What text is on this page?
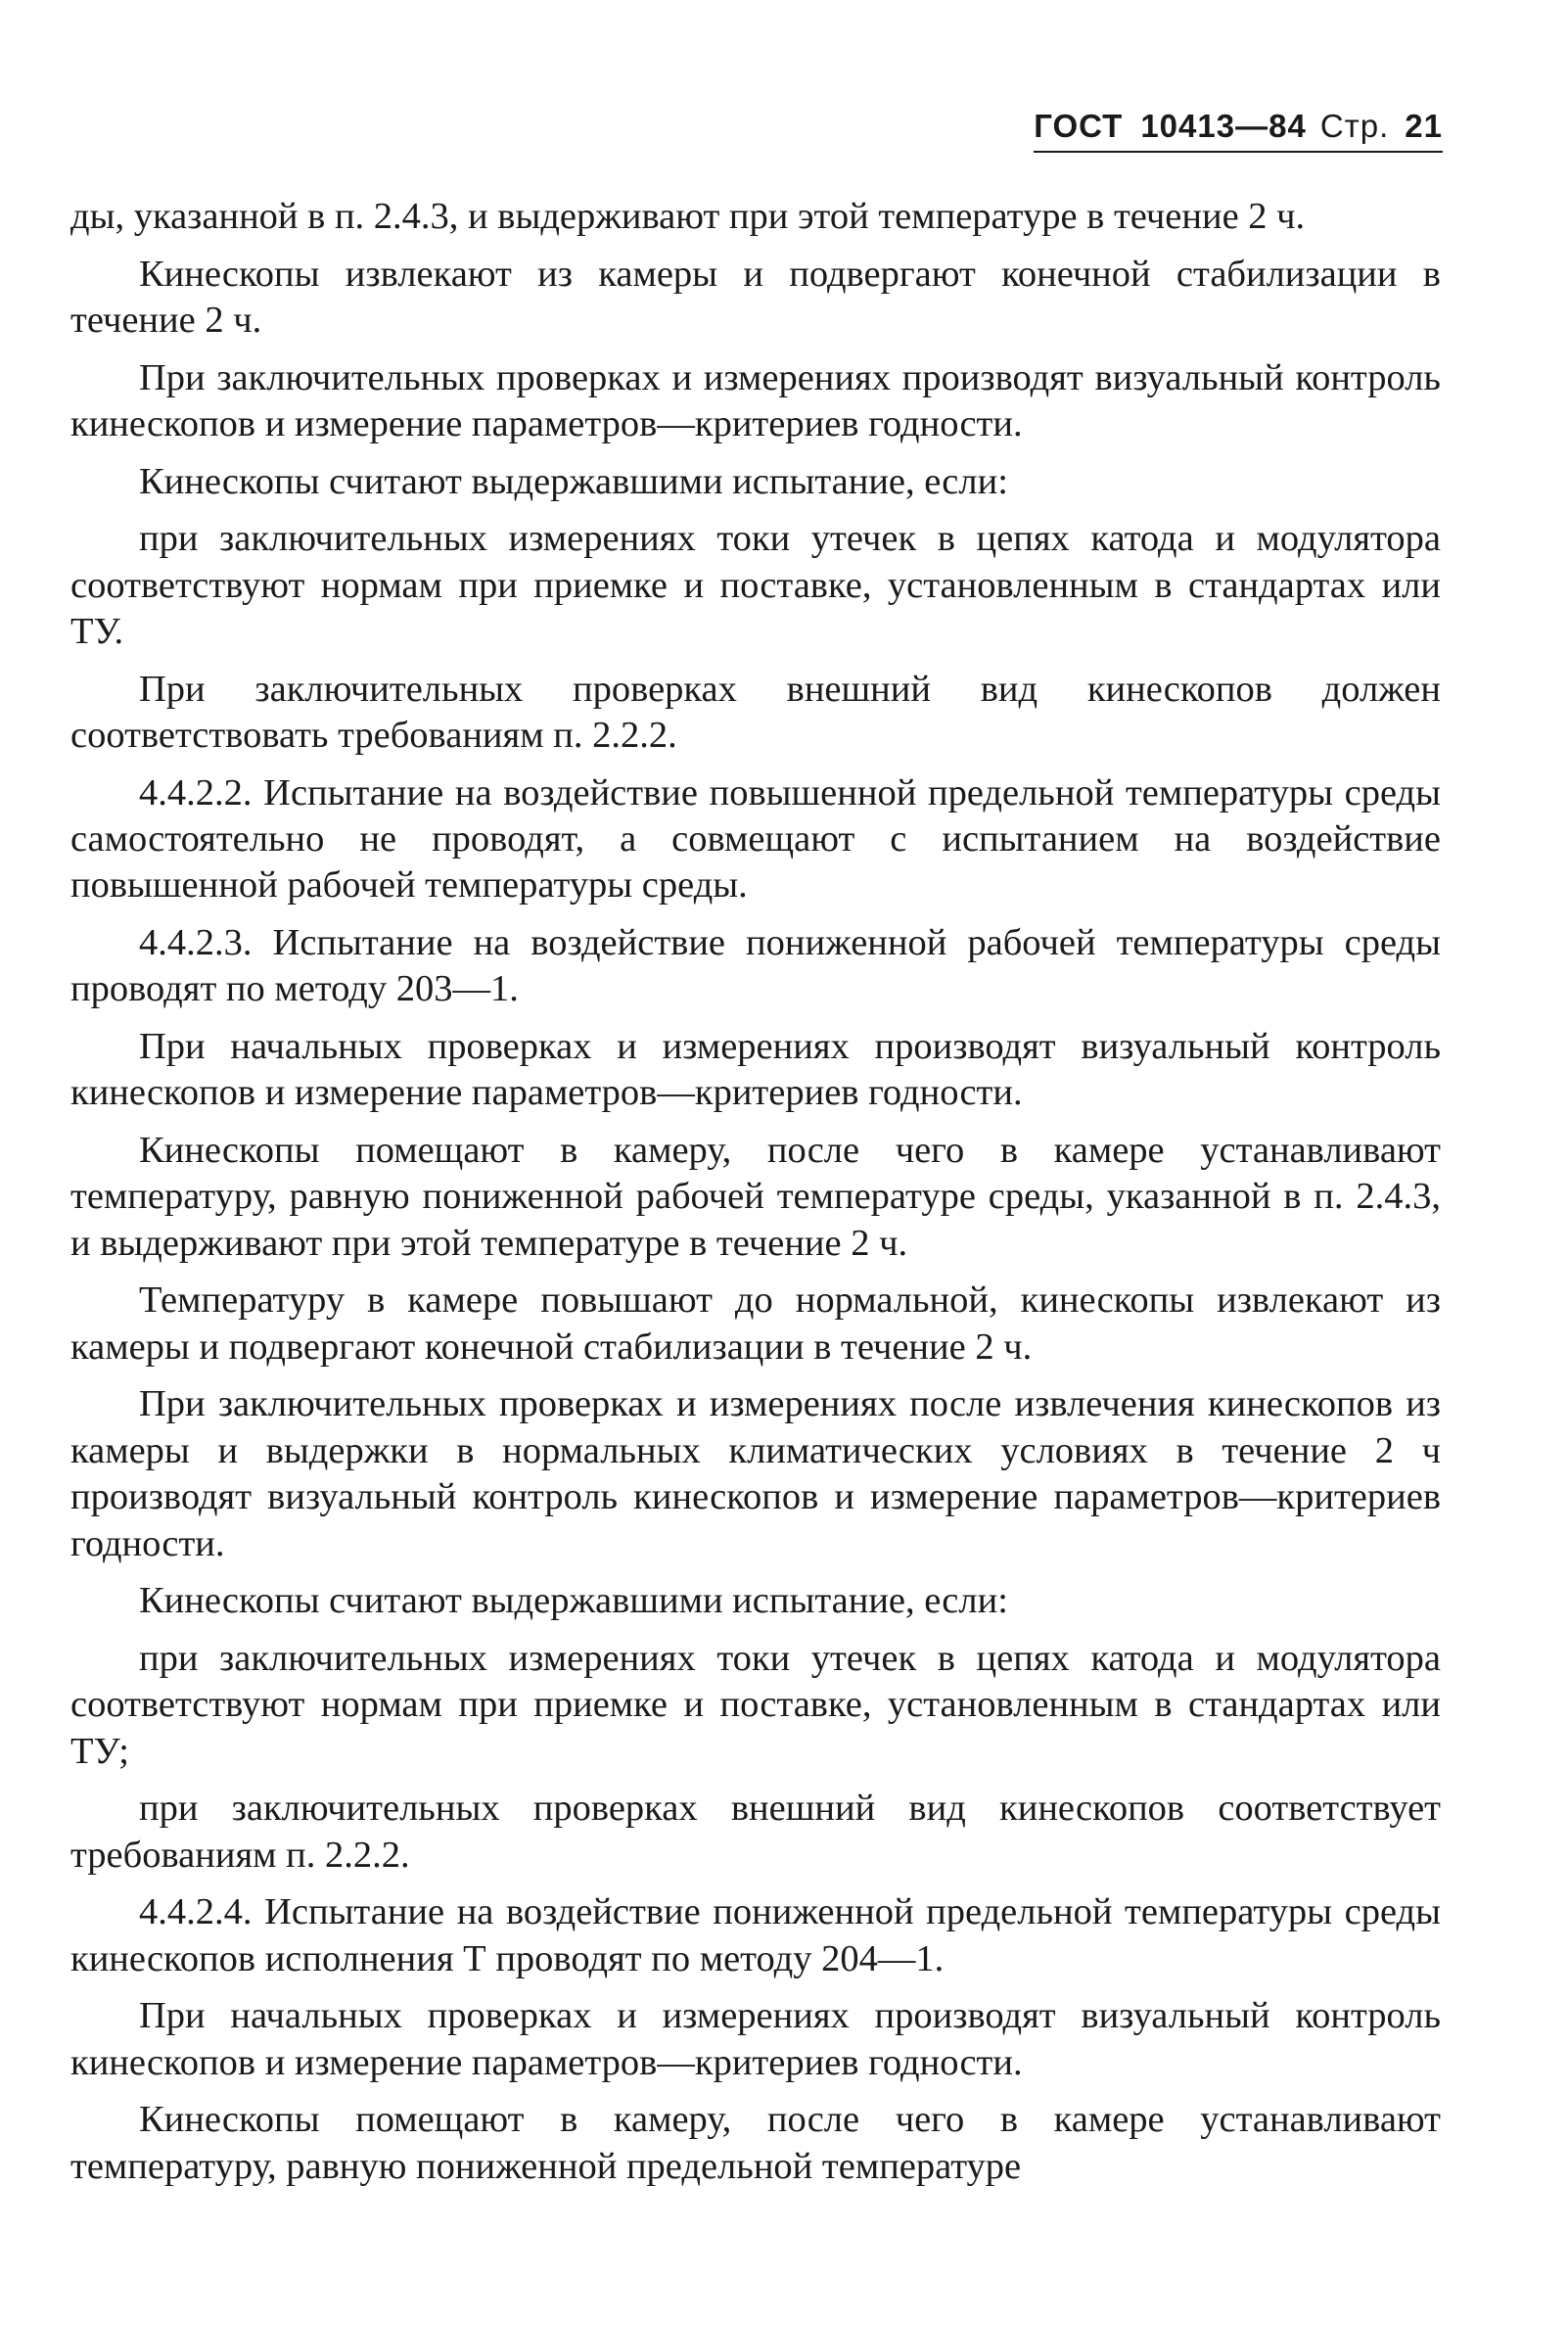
ГОСТ 10413—84 Стр. 21

ды, указанной в п. 2.4.3, и выдерживают при этой температуре в течение 2 ч.

Кинескопы извлекают из камеры и подвергают конечной стабилизации в течение 2 ч.

При заключительных проверках и измерениях производят визуальный контроль кинескопов и измерение параметров—критериев годности.

Кинескопы считают выдержавшими испытание, если:

при заключительных измерениях токи утечек в цепях катода и модулятора соответствуют нормам при приемке и поставке, установленным в стандартах или ТУ.

При заключительных проверках внешний вид кинескопов должен соответствовать требованиям п. 2.2.2.

4.4.2.2. Испытание на воздействие повышенной предельной температуры среды самостоятельно не проводят, а совмещают с испытанием на воздействие повышенной рабочей температуры среды.

4.4.2.3. Испытание на воздействие пониженной рабочей температуры среды проводят по методу 203—1.

При начальных проверках и измерениях производят визуальный контроль кинескопов и измерение параметров—критериев годности.

Кинескопы помещают в камеру, после чего в камере устанавливают температуру, равную пониженной рабочей температуре среды, указанной в п. 2.4.3, и выдерживают при этой температуре в течение 2 ч.

Температуру в камере повышают до нормальной, кинескопы извлекают из камеры и подвергают конечной стабилизации в течение 2 ч.

При заключительных проверках и измерениях после извлечения кинескопов из камеры и выдержки в нормальных климатических условиях в течение 2 ч производят визуальный контроль кинескопов и измерение параметров—критериев годности.

Кинескопы считают выдержавшими испытание, если:

при заключительных измерениях токи утечек в цепях катода и модулятора соответствуют нормам при приемке и поставке, установленным в стандартах или ТУ;

при заключительных проверках внешний вид кинескопов соответствует требованиям п. 2.2.2.

4.4.2.4. Испытание на воздействие пониженной предельной температуры среды кинескопов исполнения Т проводят по методу 204—1.

При начальных проверках и измерениях производят визуальный контроль кинескопов и измерение параметров—критериев годности.

Кинескопы помещают в камеру, после чего в камере устанавливают температуру, равную пониженной предельной температуре
